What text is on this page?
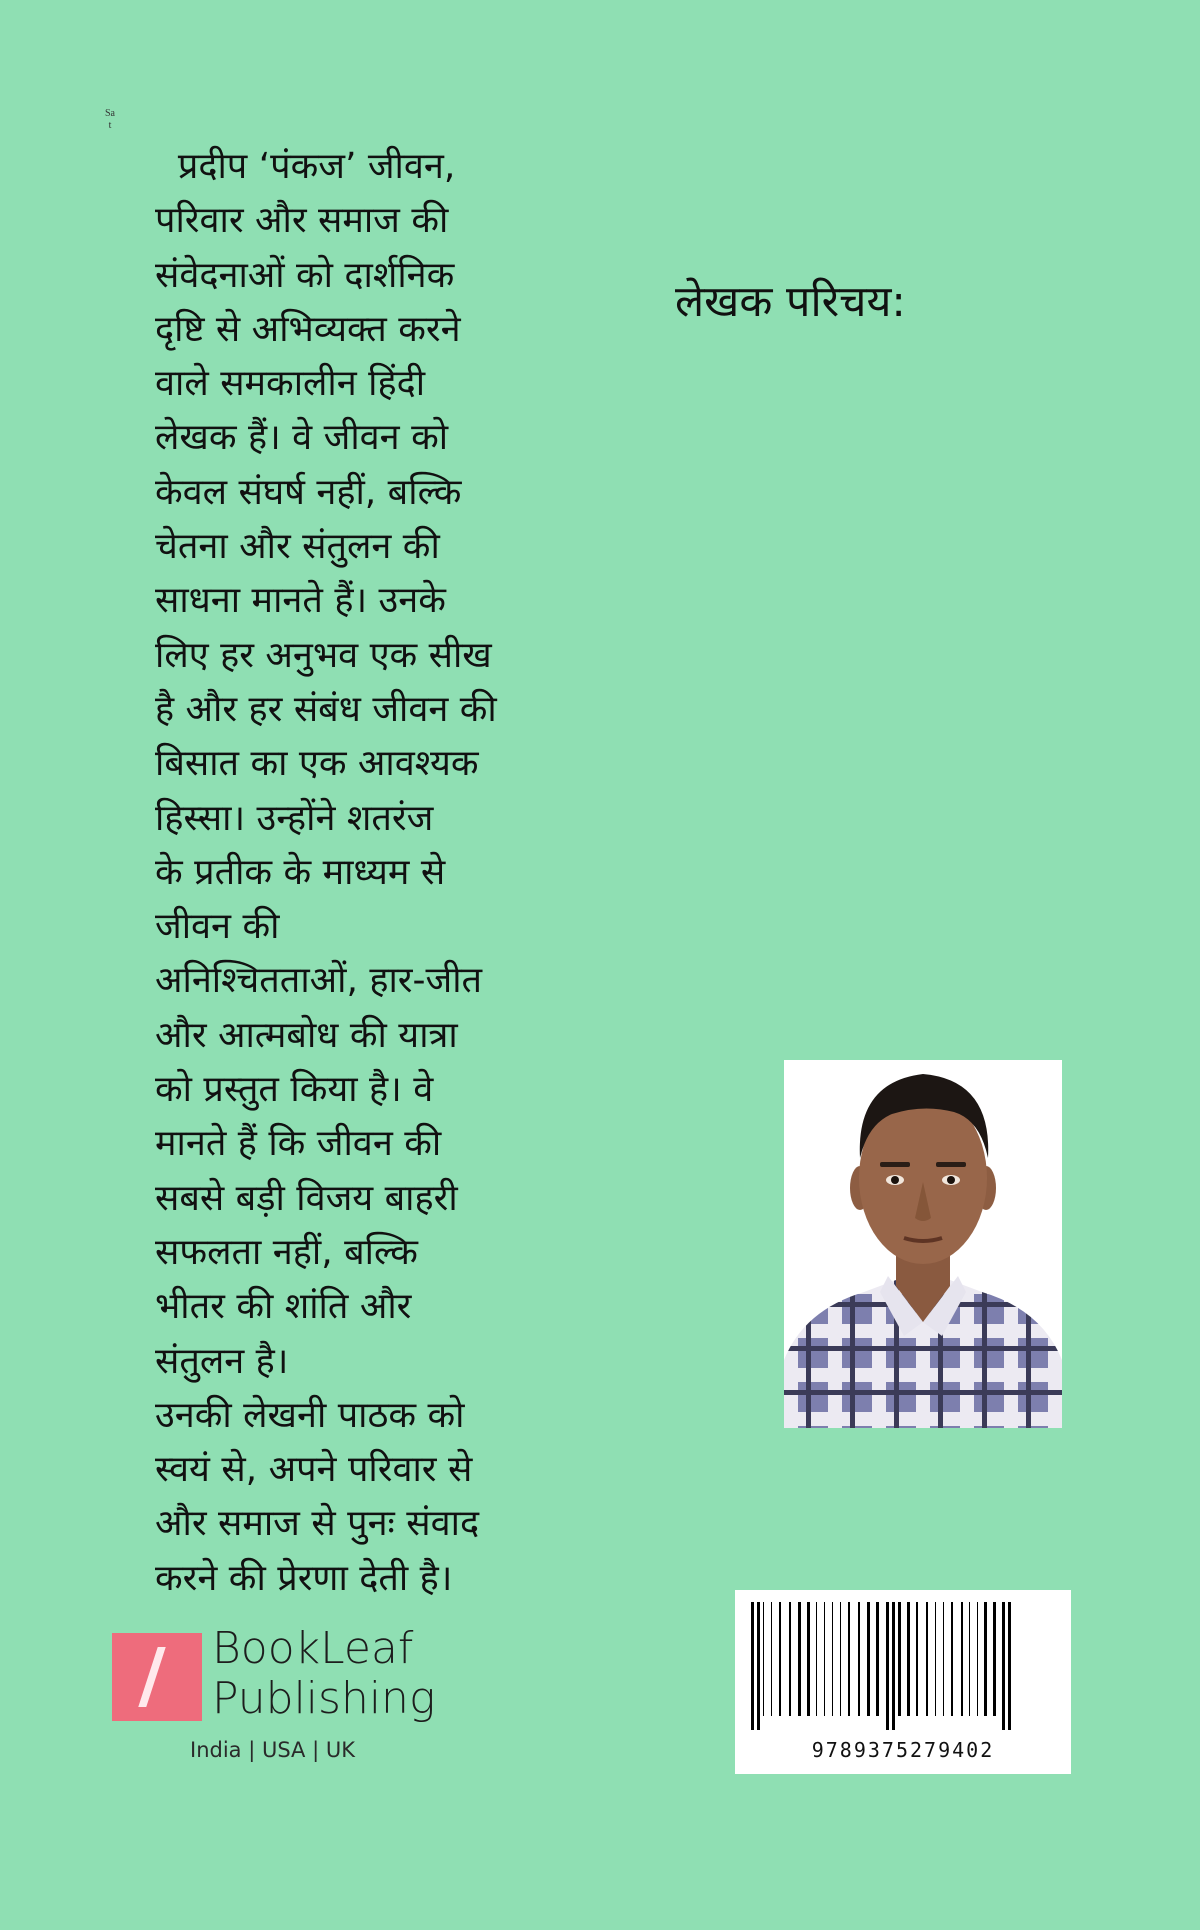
Sa
t
प्रदीप ‘पंकज’ जीवन,
परिवार और समाज की
संवेदनाओं को दार्शनिक
दृष्टि से अभिव्यक्त करने
वाले समकालीन हिंदी
लेखक हैं। वे जीवन को
केवल संघर्ष नहीं, बल्कि
चेतना और संतुलन की
साधना मानते हैं। उनके
लिए हर अनुभव एक सीख
है और हर संबंध जीवन की
बिसात का एक आवश्यक
हिस्सा। उन्होंने शतरंज
के प्रतीक के माध्यम से
जीवन की
अनिश्चितताओं, हार-जीत
और आत्मबोध की यात्रा
को प्रस्तुत किया है। वे
मानते हैं कि जीवन की
सबसे बड़ी विजय बाहरी
सफलता नहीं, बल्कि
भीतर की शांति और
संतुलन है।
उनकी लेखनी पाठक को
स्वयं से, अपने परिवार से
और समाज से पुनः संवाद
करने की प्रेरणा देती है।
लेखक परिचय:
9789375279402
BookLeaf
Publishing
India | USA | UK
